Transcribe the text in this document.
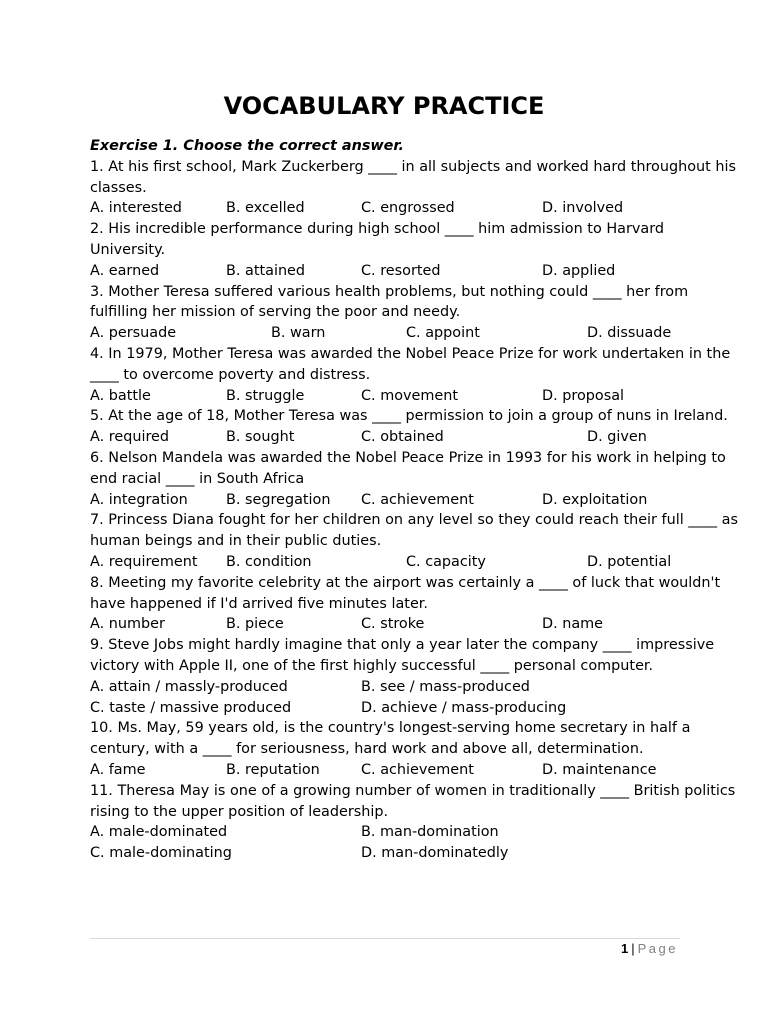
VOCABULARY PRACTICE
Exercise 1. Choose the correct answer.
1. At his first school, Mark Zuckerberg ____ in all subjects and worked hard throughout his classes.
A. interested	B. excelled	C. engrossed	D. involved
2. His incredible performance during high school ____ him admission to Harvard University.
A. earned	B. attained	C. resorted	D. applied
3. Mother Teresa suffered various health problems, but nothing could ____ her from fulfilling her mission of serving the poor and needy.
A. persuade	B. warn	C. appoint	D. dissuade
4. In 1979, Mother Teresa was awarded the Nobel Peace Prize for work undertaken in the ____ to overcome poverty and distress.
A. battle	B. struggle	C. movement	D. proposal
5. At the age of 18, Mother Teresa was ____ permission to join a group of nuns in Ireland.
A. required	B. sought	C. obtained	D. given
6. Nelson Mandela was awarded the Nobel Peace Prize in 1993 for his work in helping to end racial ____ in South Africa
A. integration	B. segregation C. achievement	D. exploitation
7. Princess Diana fought for her children on any level so they could reach their full ____ as human beings and in their public duties.
A. requirement B. condition	C. capacity	D. potential
8. Meeting my favorite celebrity at the airport was certainly a ____ of luck that wouldn't have happened if I'd arrived five minutes later.
A. number	B. piece	C. stroke	D. name
9. Steve Jobs might hardly imagine that only a year later the company ____ impressive victory with Apple II, one of the first highly successful ____ personal computer.
A. attain / massly-produced	B. see / mass-produced
C. taste / massive produced	D. achieve / mass-producing
10. Ms. May, 59 years old, is the country's longest-serving home secretary in half a century, with a ____ for seriousness, hard work and above all, determination.
A. fame	B. reputation	C. achievement	D. maintenance
11. Theresa May is one of a growing number of women in traditionally ____ British politics rising to the upper position of leadership.
A. male-dominated	B. man-domination
C. male-dominating	D. man-dominatedly
1 | Page
